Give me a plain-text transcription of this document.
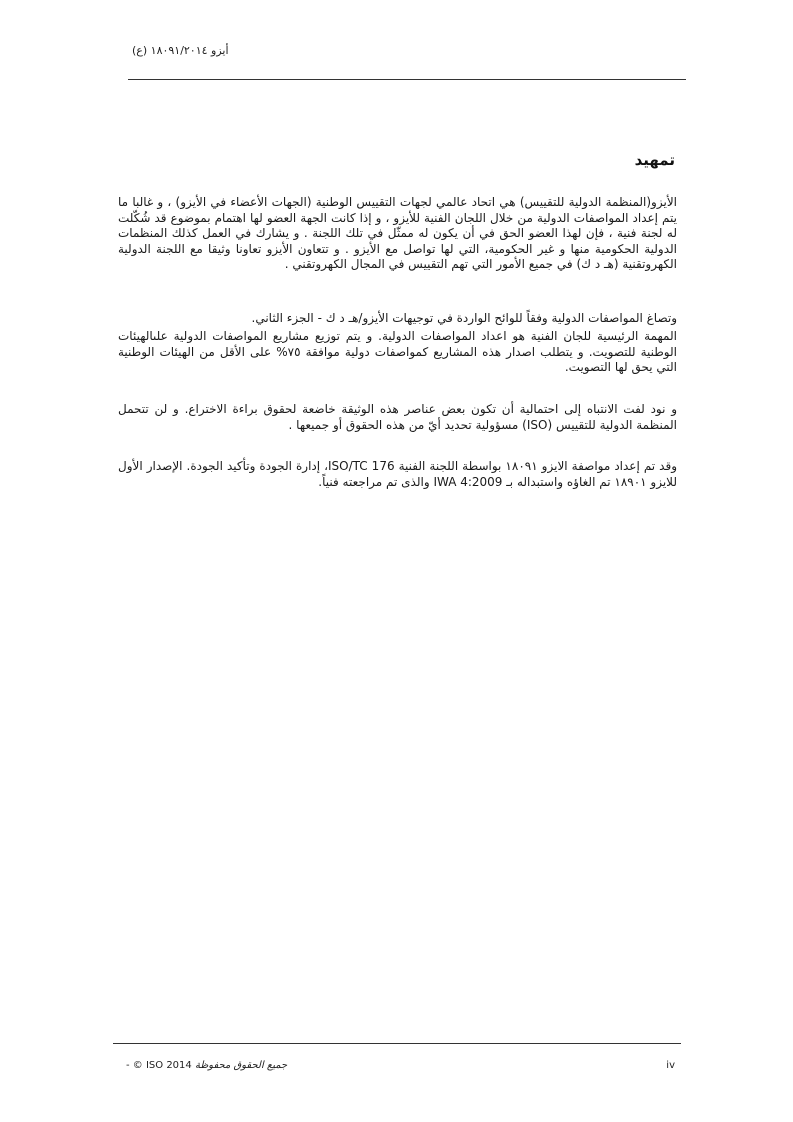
أيزو ١٨٠٩١/٢٠١٤ (ع)
تمهيد

الأيزو(المنظمة الدولية للتقييس) هي اتحاد عالمي لجهات التقييس الوطنية (الجهات الأعضاء في الأيزو) ، و غالبا ما يتم إعداد المواصفات الدولية من خلال اللجان الفنية للأيزو ، و إذا كانت الجهة العضو لها اهتمام بموضوع قد شُكّلت له لجنة فنية ، فإن لهذا العضو الحق في أن يكون له ممثّل في تلك اللجنة . و يشارك في العمل كذلك المنظمات الدولية الحكومية منها و غير الحكومية، التي لها تواصل مع الأيزو . و تتعاون الأيزو تعاونا وثيقا مع اللجنة الدولية الكهروتقنية (هـ د ك) في جميع الأمور التي تهم التقييس في المجال الكهروتقني .

وتصاغ المواصفات الدولية وفقاً للوائح الواردة في توجيهات الأيزو/هـ د ك - الجزء الثاني.

المهمة الرئيسية للجان الفنية هو اعداد المواصفات الدولية. و يتم توزيع مشاريع المواصفات الدولية علىالهيئات الوطنية للتصويت. و يتطلب اصدار هذه المشاريع كمواصفات دولية موافقة ٧٥% على الأقل من الهيئات الوطنية التي يحق لها التصويت.

و نود لفت الانتباه إلى احتمالية أن تكون بعض عناصر هذه الوثيقة خاضعة لحقوق براءة الاختراع. و لن تتحمل المنظمة الدولية للتقييس (ISO) مسؤولية تحديد أيّ من هذه الحقوق أو جميعها .

وقد تم إعداد مواصفة الايزو ١٨٠٩١ بواسطة اللجنة الفنية ISO/TC 176، إدارة الجودة وتأكيد الجودة. الإصدار الأول للايزو ١٨٩٠١ تم الغاؤه واستبداله بـ IWA 4:2009 والذى تم مراجعته فنياً.

- © ISO 2014 جميع الحقوق محفوظة	iv
